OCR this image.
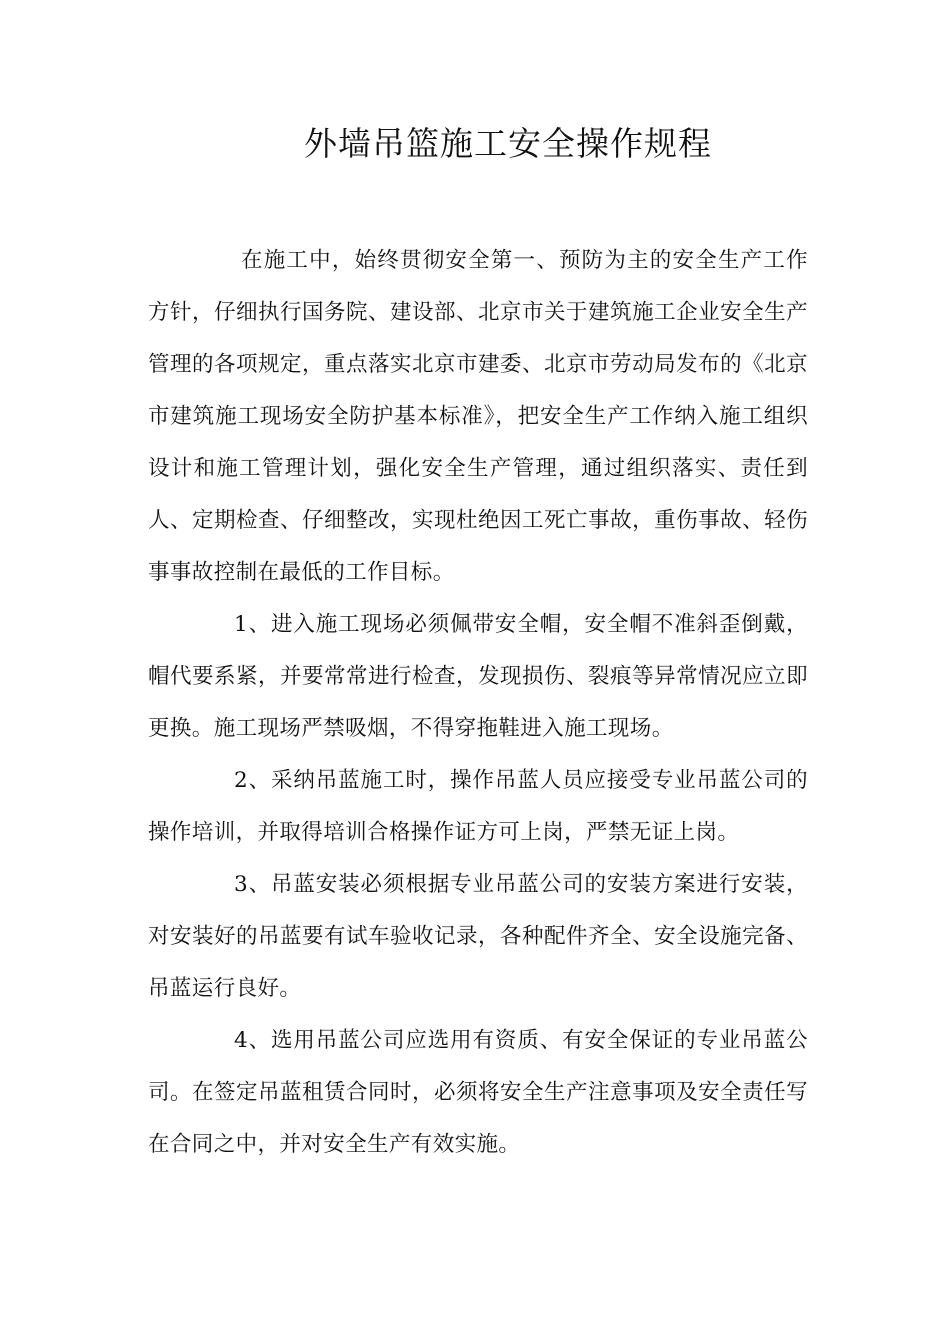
外墙吊篮施工安全操作规程

在施工中，始终贯彻安全第一、预防为主的安全生产工作方针，仔细执行国务院、建设部、北京市关于建筑施工企业安全生产管理的各项规定，重点落实北京市建委、北京市劳动局发布的《北京市建筑施工现场安全防护基本标准》，把安全生产工作纳入施工组织设计和施工管理计划，强化安全生产管理，通过组织落实、责任到人、定期检查、仔细整改，实现杜绝因工死亡事故，重伤事故、轻伤事事故控制在最低的工作目标。

1、进入施工现场必须佩带安全帽，安全帽不准斜歪倒戴，帽代要系紧，并要常常进行检查，发现损伤、裂痕等异常情况应立即更换。施工现场严禁吸烟，不得穿拖鞋进入施工现场。

2、采纳吊蓝施工时，操作吊蓝人员应接受专业吊蓝公司的操作培训，并取得培训合格操作证方可上岗，严禁无证上岗。

3、吊蓝安装必须根据专业吊蓝公司的安装方案进行安装，对安装好的吊蓝要有试车验收记录，各种配件齐全、安全设施完备、吊蓝运行良好。

4、选用吊蓝公司应选用有资质、有安全保证的专业吊蓝公司。在签定吊蓝租赁合同时，必须将安全生产注意事项及安全责任写在合同之中，并对安全生产有效实施。
